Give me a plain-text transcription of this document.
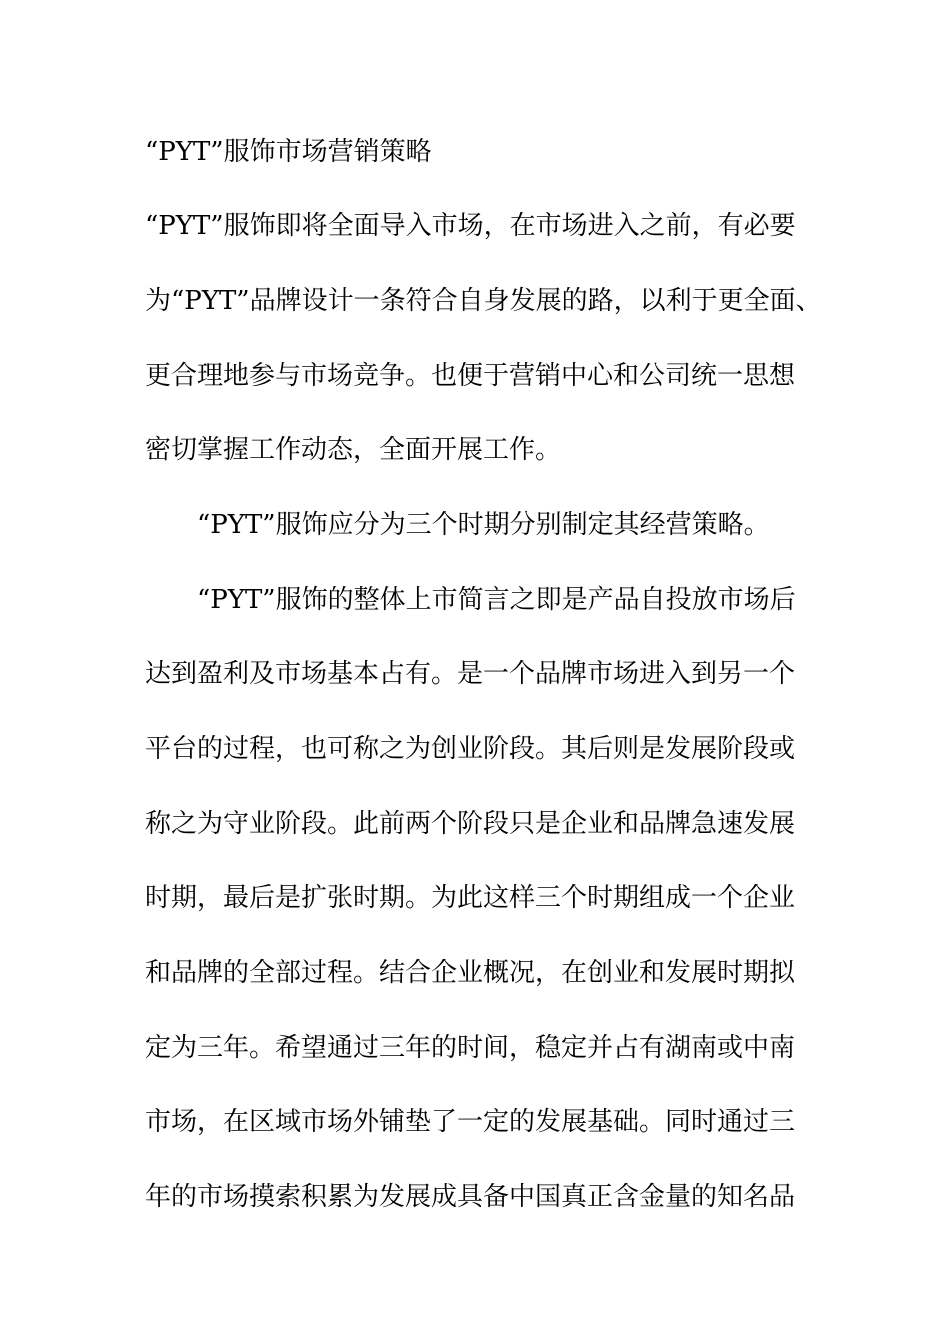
“PYT”服饰市场营销策略
“PYT”服饰即将全面导入市场，在市场进入之前，有必要
为“PYT”品牌设计一条符合自身发展的路，以利于更全面、
更合理地参与市场竞争。也便于营销中心和公司统一思想
密切掌握工作动态，全面开展工作。
“PYT”服饰应分为三个时期分别制定其经营策略。
“PYT”服饰的整体上市简言之即是产品自投放市场后
达到盈利及市场基本占有。是一个品牌市场进入到另一个
平台的过程，也可称之为创业阶段。其后则是发展阶段或
称之为守业阶段。此前两个阶段只是企业和品牌急速发展
时期，最后是扩张时期。为此这样三个时期组成一个企业
和品牌的全部过程。结合企业概况，在创业和发展时期拟
定为三年。希望通过三年的时间，稳定并占有湖南或中南
市场，在区域市场外铺垫了一定的发展基础。同时通过三
年的市场摸索积累为发展成具备中国真正含金量的知名品
